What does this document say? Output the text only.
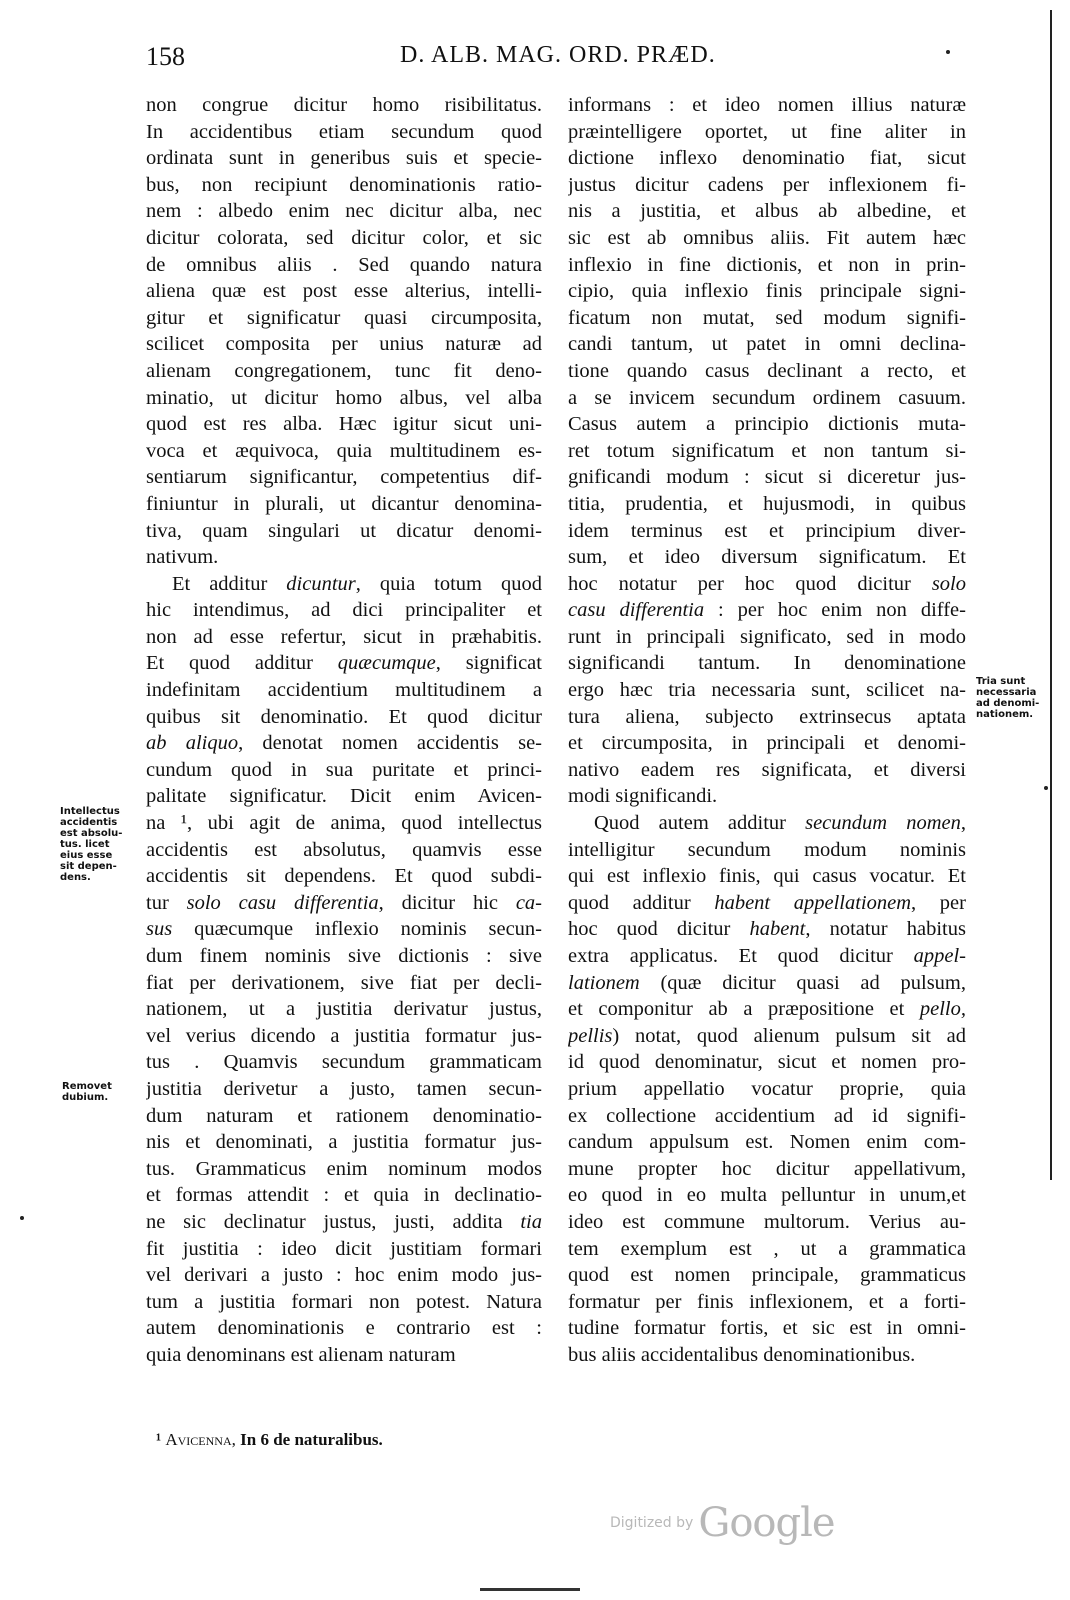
158	D. ALB. MAG. ORD. PRÆD.
non congrue dicitur homo risibilitatus.
In accidentibus etiam secundum quod
ordinata sunt in generibus suis et specie-
bus, non recipiunt denominationis ratio-
nem : albedo enim nec dicitur alba, nec
dicitur colorata, sed dicitur color, et sic
de omnibus aliis . Sed quando natura
aliena quæ est post esse alterius, intelli-
gitur et significatur quasi circumposita,
scilicet composita per unius naturæ ad
alienam congregationem, tunc fit deno-
minatio, ut dicitur homo albus, vel alba
quod est res alba. Hæc igitur sicut uni-
voca et æquivoca, quia multitudinem es-
sentiarum significantur, competentius dif-
finiuntur in plurali, ut dicantur denomina-
tiva, quam singulari ut dicatur denomi-
nativum.
Et additur dicuntur, quia totum quod
hic intendimus, ad dici principaliter et
non ad esse refertur, sicut in præhabitis.
Et quod additur quæcumque, significat
indefinitam accidentium multitudinem a
quibus sit denominatio. Et quod dicitur
ab aliquo, denotat nomen accidentis se-
cundum quod in sua puritate et princi-
palitate significatur. Dicit enim Avicen-
na ¹, ubi agit de anima, quod intellectus
accidentis est absolutus, quamvis esse
accidentis sit dependens. Et quod subdi-
tur solo casu differentia, dicitur hic ca-
sus quæcumque inflexio nominis secun-
dum finem nominis sive dictionis : sive
fiat per derivationem, sive fiat per decli-
nationem, ut a justitia derivatur justus,
vel verius dicendo a justitia formatur jus-
tus . Quamvis secundum grammaticam
justitia derivetur a justo, tamen secun-
dum naturam et rationem denominatio-
nis et denominati, a justitia formatur jus-
tus. Grammaticus enim nominum modos
et formas attendit : et quia in declinatio-
ne sic declinatur justus, justi, addita tia
fit justitia : ideo dicit justitiam formari
vel derivari a justo : hoc enim modo jus-
tum a justitia formari non potest. Natura
autem denominationis e contrario est :
quia denominans est alienam naturam
informans : et ideo nomen illius naturæ
præintelligere oportet, ut fine aliter in
dictione inflexo denominatio fiat, sicut
justus dicitur cadens per inflexionem fi-
nis a justitia, et albus ab albedine, et
sic est ab omnibus aliis. Fit autem hæc
inflexio in fine dictionis, et non in prin-
cipio, quia inflexio finis principale signi-
ficatum non mutat, sed modum signifi-
candi tantum, ut patet in omni declina-
tione quando casus declinant a recto, et
a se invicem secundum ordinem casuum.
Casus autem a principio dictionis muta-
ret totum significatum et non tantum si-
gnificandi modum : sicut si diceretur jus-
titia, prudentia, et hujusmodi, in quibus
idem terminus est et principium diver-
sum, et ideo diversum significatum. Et
hoc notatur per hoc quod dicitur solo
casu differentia : per hoc enim non diffe-
runt in principali significato, sed in modo
significandi tantum. In denominatione
ergo hæc tria necessaria sunt, scilicet na-
tura aliena, subjecto extrinsecus aptata
et circumposita, in principali et denomi-
nativo eadem res significata, et diversi
modi significandi.
Quod autem additur secundum nomen,
intelligitur secundum modum nominis
qui est inflexio finis, qui casus vocatur. Et
quod additur habent appellationem, per
hoc quod dicitur habent, notatur habitus
extra applicatus. Et quod dicitur appel-
lationem (quæ dicitur quasi ad pulsum,
et componitur ab a præpositione et pello,
pellis) notat, quod alienum pulsum sit ad
id quod denominatur, sicut et nomen pro-
prium appellatio vocatur proprie, quia
ex collectione accidentium ad id signifi-
candum appulsum est. Nomen enim com-
mune propter hoc dicitur appellativum,
eo quod in eo multa pelluntur in unum,et
ideo est commune multorum. Verius au-
tem exemplum est , ut a grammatica
quod est nomen principale, grammaticus
formatur per finis inflexionem, et a forti-
tudine formatur fortis, et sic est in omni-
bus aliis accidentalibus denominationibus.
Intellectus
accidentis
est absolu-
tus. licet
eius esse
sit depen-
dens.
Removet
dubium.
Tria sunt
necessaria
ad denomi-
nationem.
¹ Avicenna, In 6 de naturalibus.
Digitized by Google
